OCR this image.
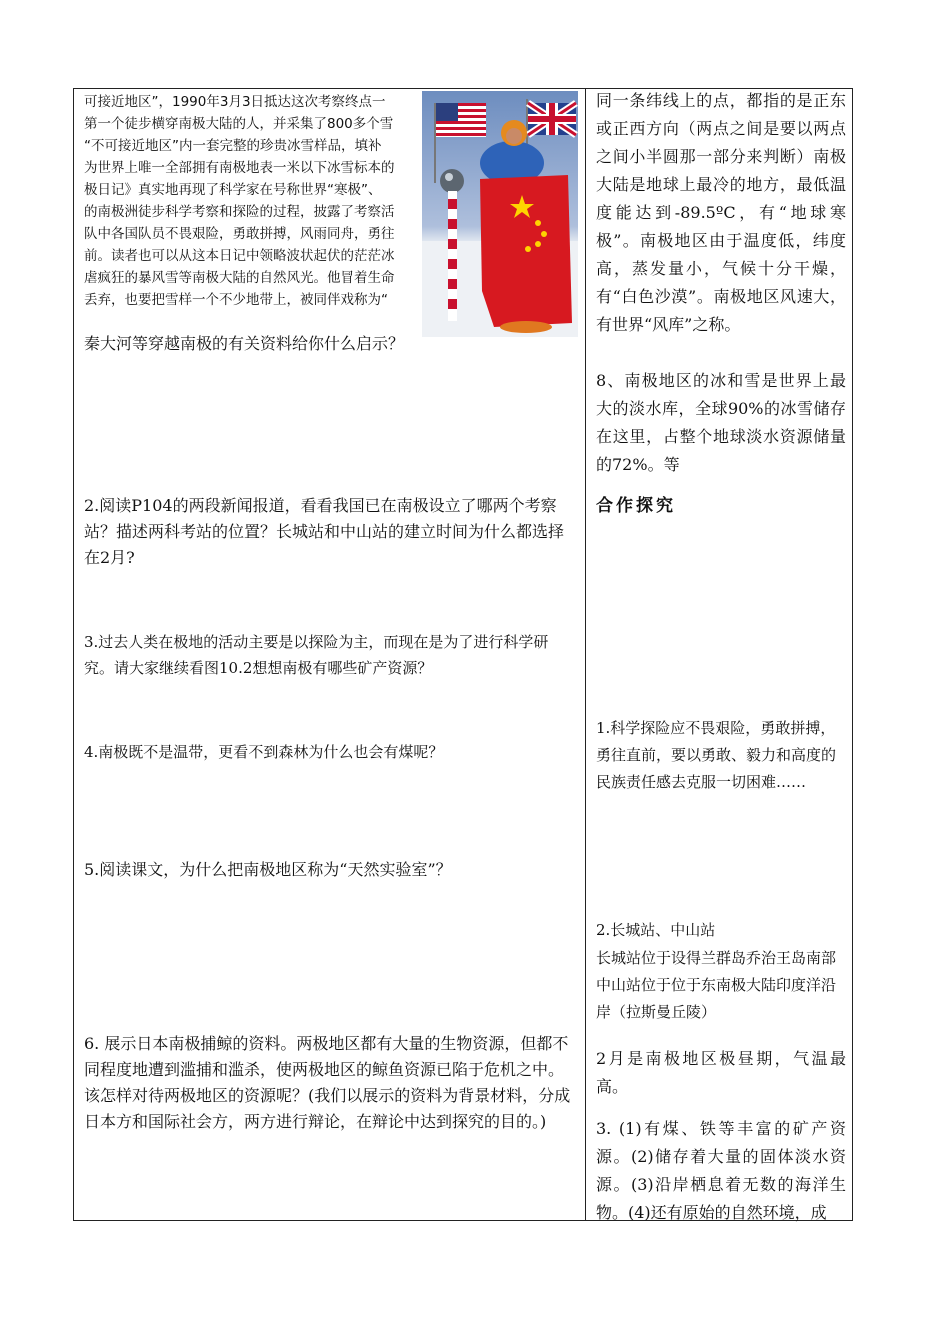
可接近地区”，1990年3月3日抵达这次考察终点一
第一个徒步横穿南极大陆的人，并采集了800多个雪
“不可接近地区”内一套完整的珍贵冰雪样品，填补
为世界上唯一全部拥有南极地表一米以下冰雪标本的
极日记》真实地再现了科学家在号称世界“寒极”、
的南极洲徒步科学考察和探险的过程，披露了考察活
队中各国队员不畏艰险，勇敢拼搏，风雨同舟，勇往
前。读者也可以从这本日记中领略波状起伏的茫茫冰
虐疯狂的暴风雪等南极大陆的自然风光。他冒着生命
丢弃，也要把雪样一个不少地带上，被同伴戏称为“

秦大河等穿越南极的有关资料给你什么启示？

2.阅读P104的两段新闻报道，看看我国已在南极设立了哪两个考察站？描述两科考站的位置？长城站和中山站的建立时间为什么都选择在2月?

3.过去人类在极地的活动主要是以探险为主，而现在是为了进行科学研究。请大家继续看图10.2想想南极有哪些矿产资源？

4.南极既不是温带，更看不到森林为什么也会有煤呢？

5.阅读课文，为什么把南极地区称为“天然实验室”？

6. 展示日本南极捕鲸的资料。两极地区都有大量的生物资源，但都不同程度地遭到滥捕和滥杀，使两极地区的鲸鱼资源已陷于危机之中。该怎样对待两极地区的资源呢？(我们以展示的资料为背景材料，分成日本方和国际社会方，两方进行辩论，在辩论中达到探究的目的。)

同一条纬线上的点，都指的是正东或正西方向（两点之间是要以两点之间小半圆那一部分来判断）南极大陆是地球上最冷的地方，最低温度能达到-89.5ºC，有“地球寒极”。南极地区由于温度低，纬度高，蒸发量小，气候十分干燥，有“白色沙漠”。南极地区风速大，有世界“风库”之称。

8、南极地区的冰和雪是世界上最大的淡水库，全球90%的冰雪储存在这里，占整个地球淡水资源储量的72%。等

合作探究

1.科学探险应不畏艰险，勇敢拼搏，勇往直前，要以勇敢、毅力和高度的民族责任感去克服一切困难……

2.长城站、中山站

长城站位于设得兰群岛乔治王岛南部 中山站位于位于东南极大陆印度洋沿岸（拉斯曼丘陵）

2月是南极地区极昼期，气温最高。

3. (1)有煤、铁等丰富的矿产资源。(2)储存着大量的固体淡水资源。(3)沿岸栖息着无数的海洋生物。(4)还有原始的自然环境，成
